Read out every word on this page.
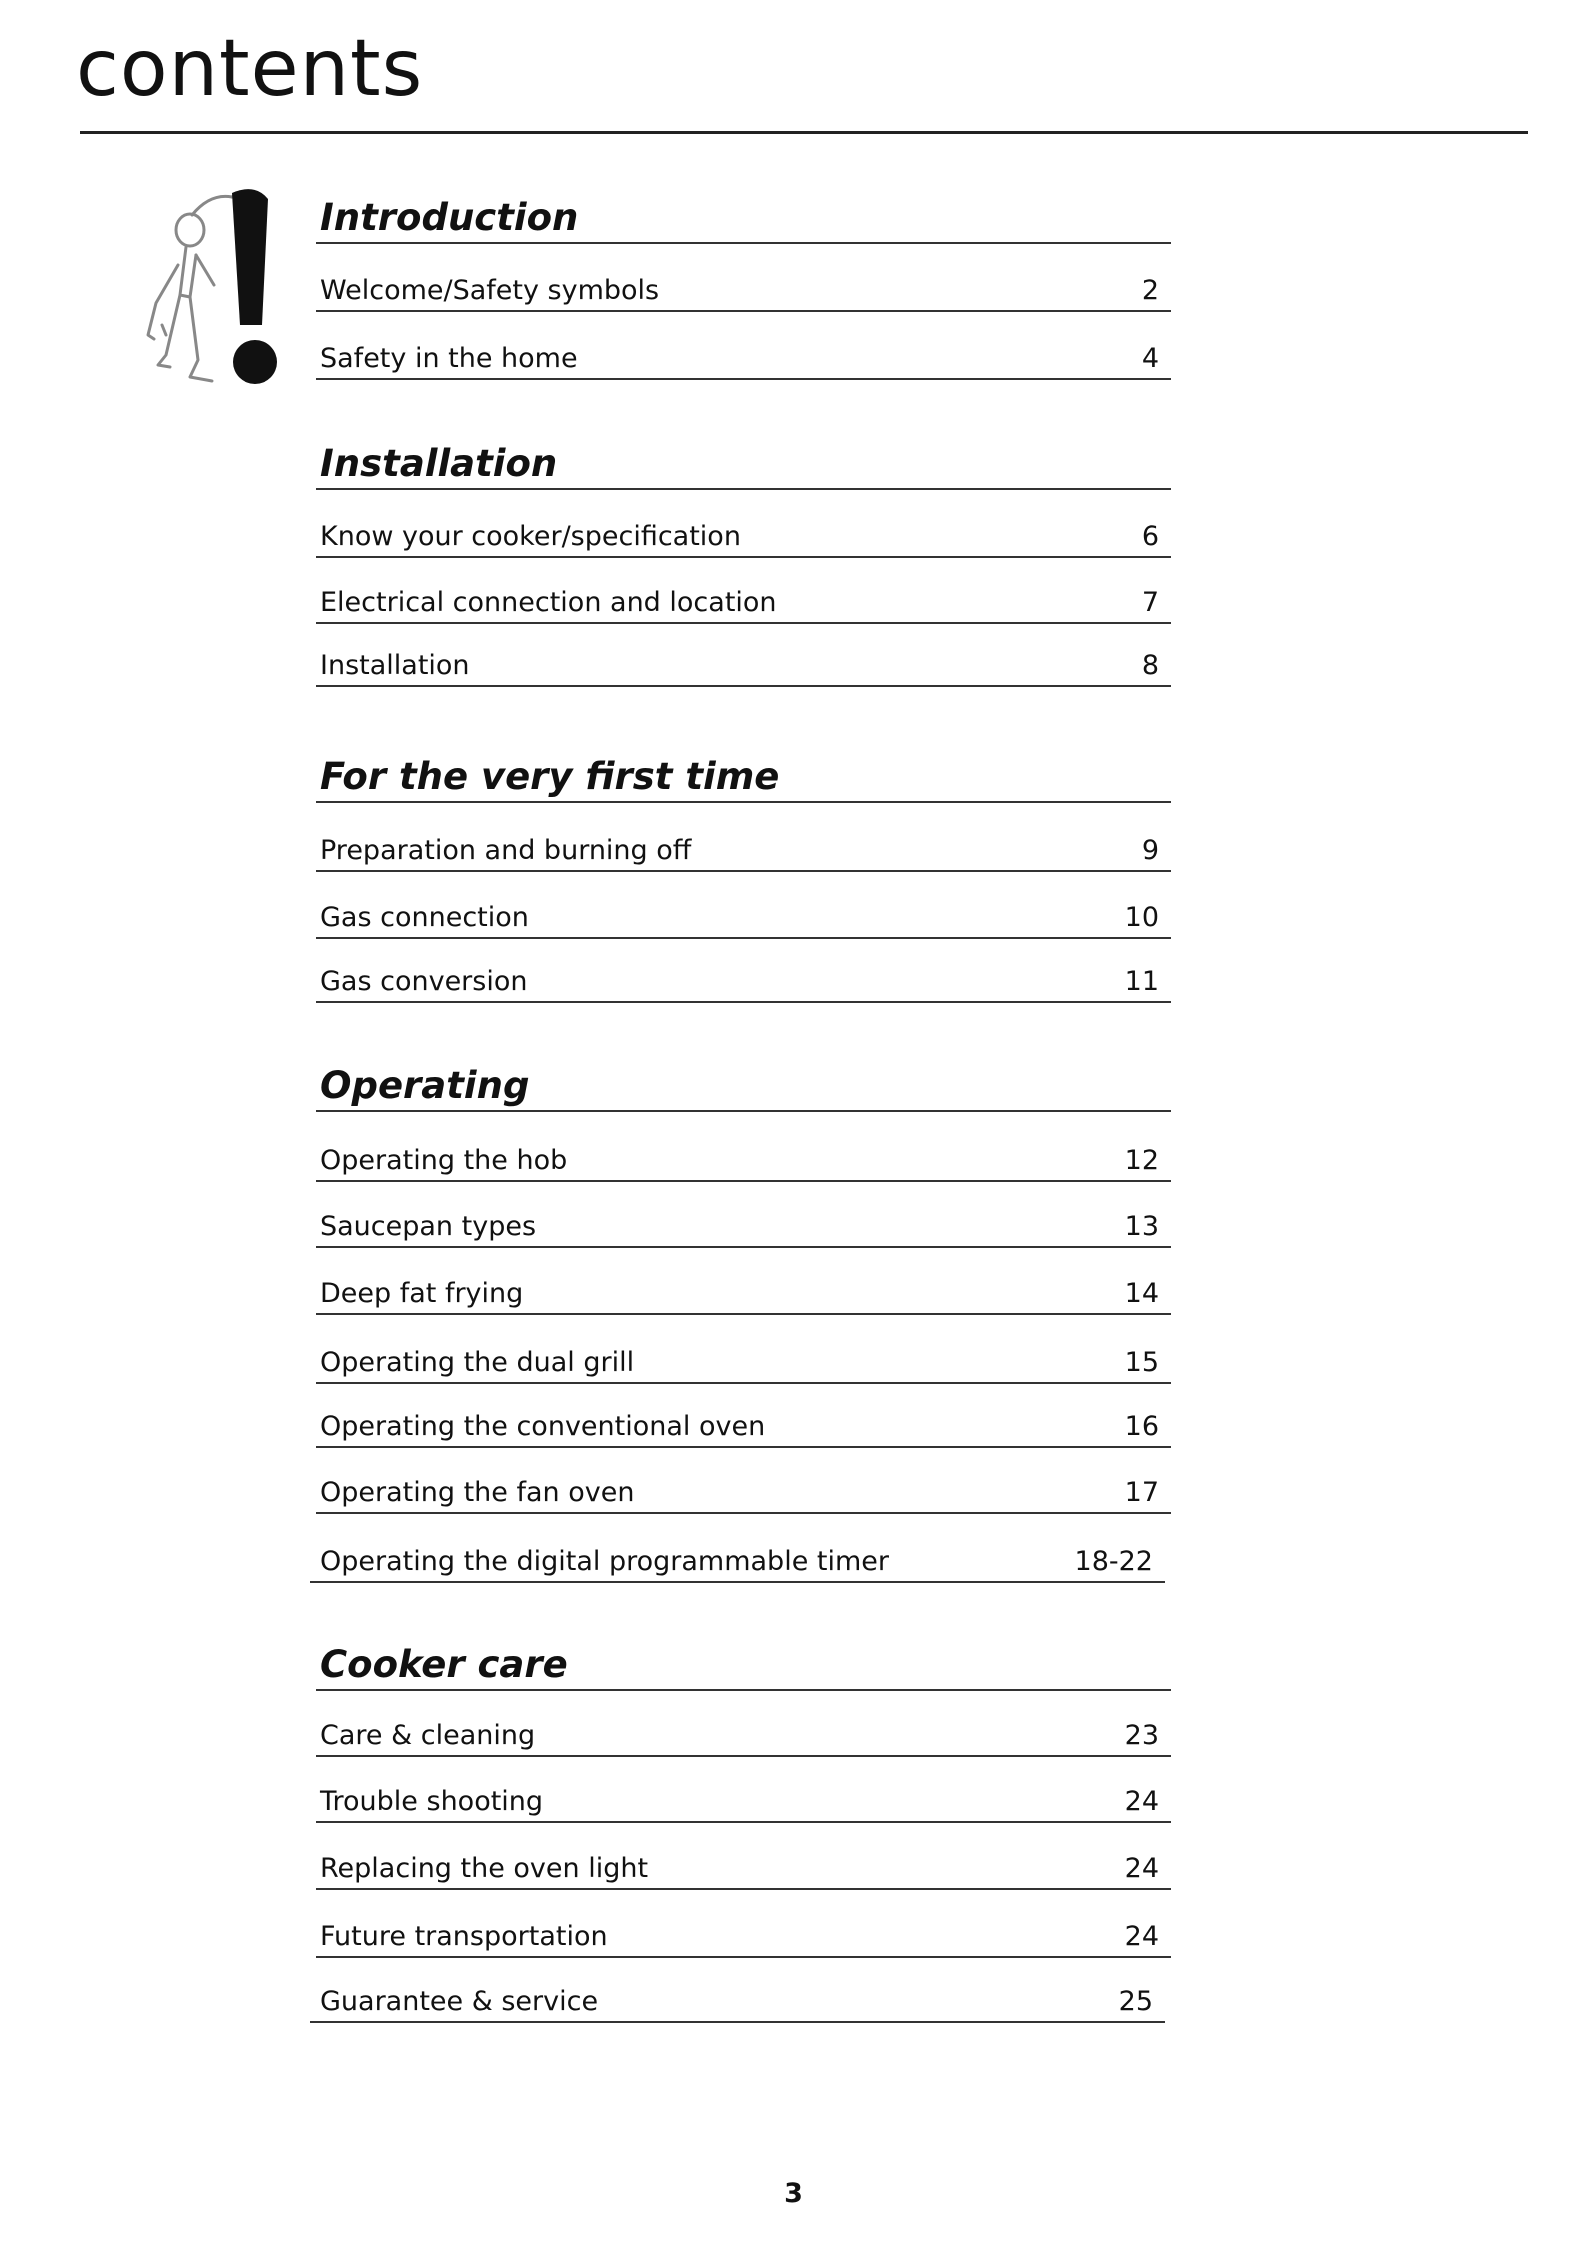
contents
Introduction
Welcome/Safety symbols	2
Safety in the home	4
Installation
Know your cooker/specification	6
Electrical connection and location	7
Installation	8
For the very first time
Preparation and burning off	9
Gas connection	10
Gas conversion	11
Operating
Operating the hob	12
Saucepan types	13
Deep fat frying	14
Operating the dual grill	15
Operating the conventional oven	16
Operating the fan oven	17
Operating the digital programmable timer	18-22
Cooker care
Care & cleaning	23
Trouble shooting	24
Replacing the oven light	24
Future transportation	24
Guarantee & service	25
3
